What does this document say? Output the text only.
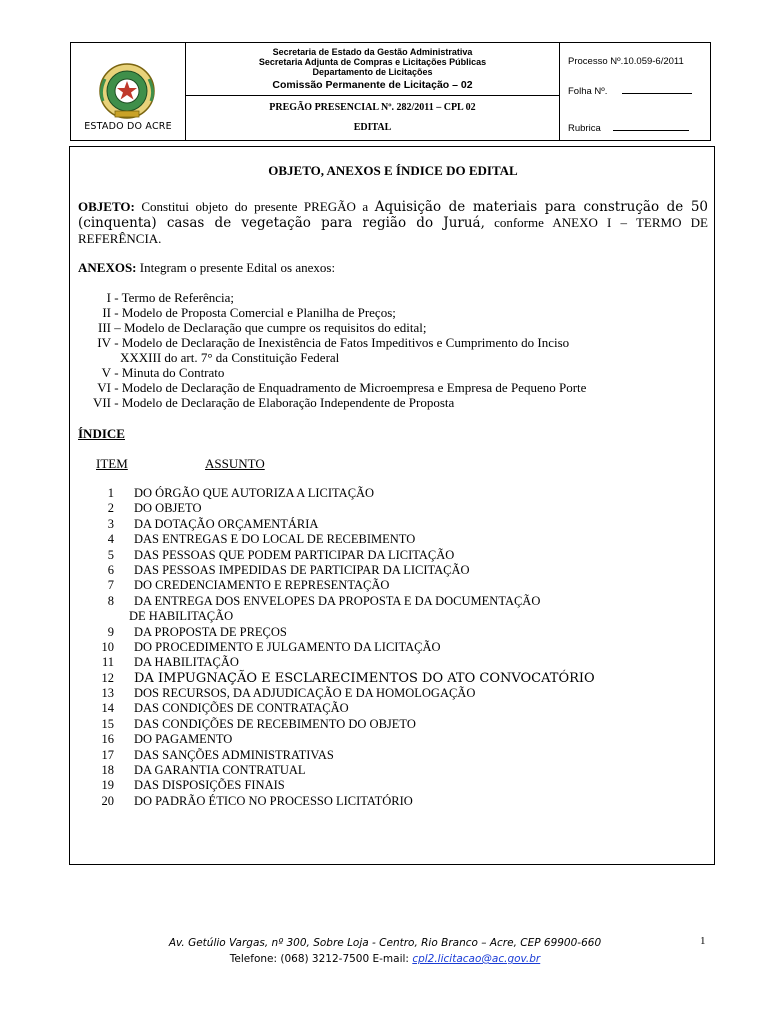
ESTADO DO ACRE
Secretaria de Estado da Gestão Administrativa
Secretaria Adjunta de Compras e Licitações Públicas
Departamento de Licitações
Comissão Permanente de Licitação – 02
PREGÃO PRESENCIAL Nº. 282/2011 – CPL 02
EDITAL
Processo Nº.10.059-6/2011
Folha Nº.
Rubrica
OBJETO, ANEXOS E ÍNDICE DO EDITAL
OBJETO: Constitui objeto do presente PREGÃO a Aquisição de materiais para construção de 50 (cinquenta) casas de vegetação para região do Juruá, conforme ANEXO I – TERMO DE REFERÊNCIA.
ANEXOS: Integram o presente Edital os anexos:
I - Termo de Referência;
II - Modelo de Proposta Comercial e Planilha de Preços;
III – Modelo de Declaração que cumpre os requisitos do edital;
IV - Modelo de Declaração de Inexistência de Fatos Impeditivos e Cumprimento do Inciso
XXXIII do art. 7° da Constituição Federal
V - Minuta do Contrato
VI - Modelo de Declaração de Enquadramento de Microempresa e Empresa de Pequeno Porte
VII - Modelo de Declaração de Elaboração Independente de Proposta
ÍNDICE
ITEM	ASSUNTO
1 DO ÓRGÃO QUE AUTORIZA A LICITAÇÃO
2 DO OBJETO
3 DA DOTAÇÃO ORÇAMENTÁRIA
4 DAS ENTREGAS E DO LOCAL DE RECEBIMENTO
5 DAS PESSOAS QUE PODEM PARTICIPAR DA LICITAÇÃO
6 DAS PESSOAS IMPEDIDAS DE PARTICIPAR DA LICITAÇÃO
7 DO CREDENCIAMENTO E REPRESENTAÇÃO
8 DA ENTREGA DOS ENVELOPES DA PROPOSTA E DA DOCUMENTAÇÃO
DE HABILITAÇÃO
9 DA PROPOSTA DE PREÇOS
10 DO PROCEDIMENTO E JULGAMENTO DA LICITAÇÃO
11 DA HABILITAÇÃO
12 DA IMPUGNAÇÃO E ESCLARECIMENTOS DO ATO CONVOCATÓRIO
13 DOS RECURSOS, DA ADJUDICAÇÃO E DA HOMOLOGAÇÃO
14 DAS CONDIÇÕES DE CONTRATAÇÃO
15 DAS CONDIÇÕES DE RECEBIMENTO DO OBJETO
16 DO PAGAMENTO
17 DAS SANÇÕES ADMINISTRATIVAS
18 DA GARANTIA CONTRATUAL
19 DAS DISPOSIÇÕES FINAIS
20 DO PADRÃO ÉTICO NO PROCESSO LICITATÓRIO
Av. Getúlio Vargas, nº 300, Sobre Loja - Centro, Rio Branco – Acre, CEP 69900-660
Telefone: (068) 3212-7500 E-mail: cpl2.licitacao@ac.gov.br
1
